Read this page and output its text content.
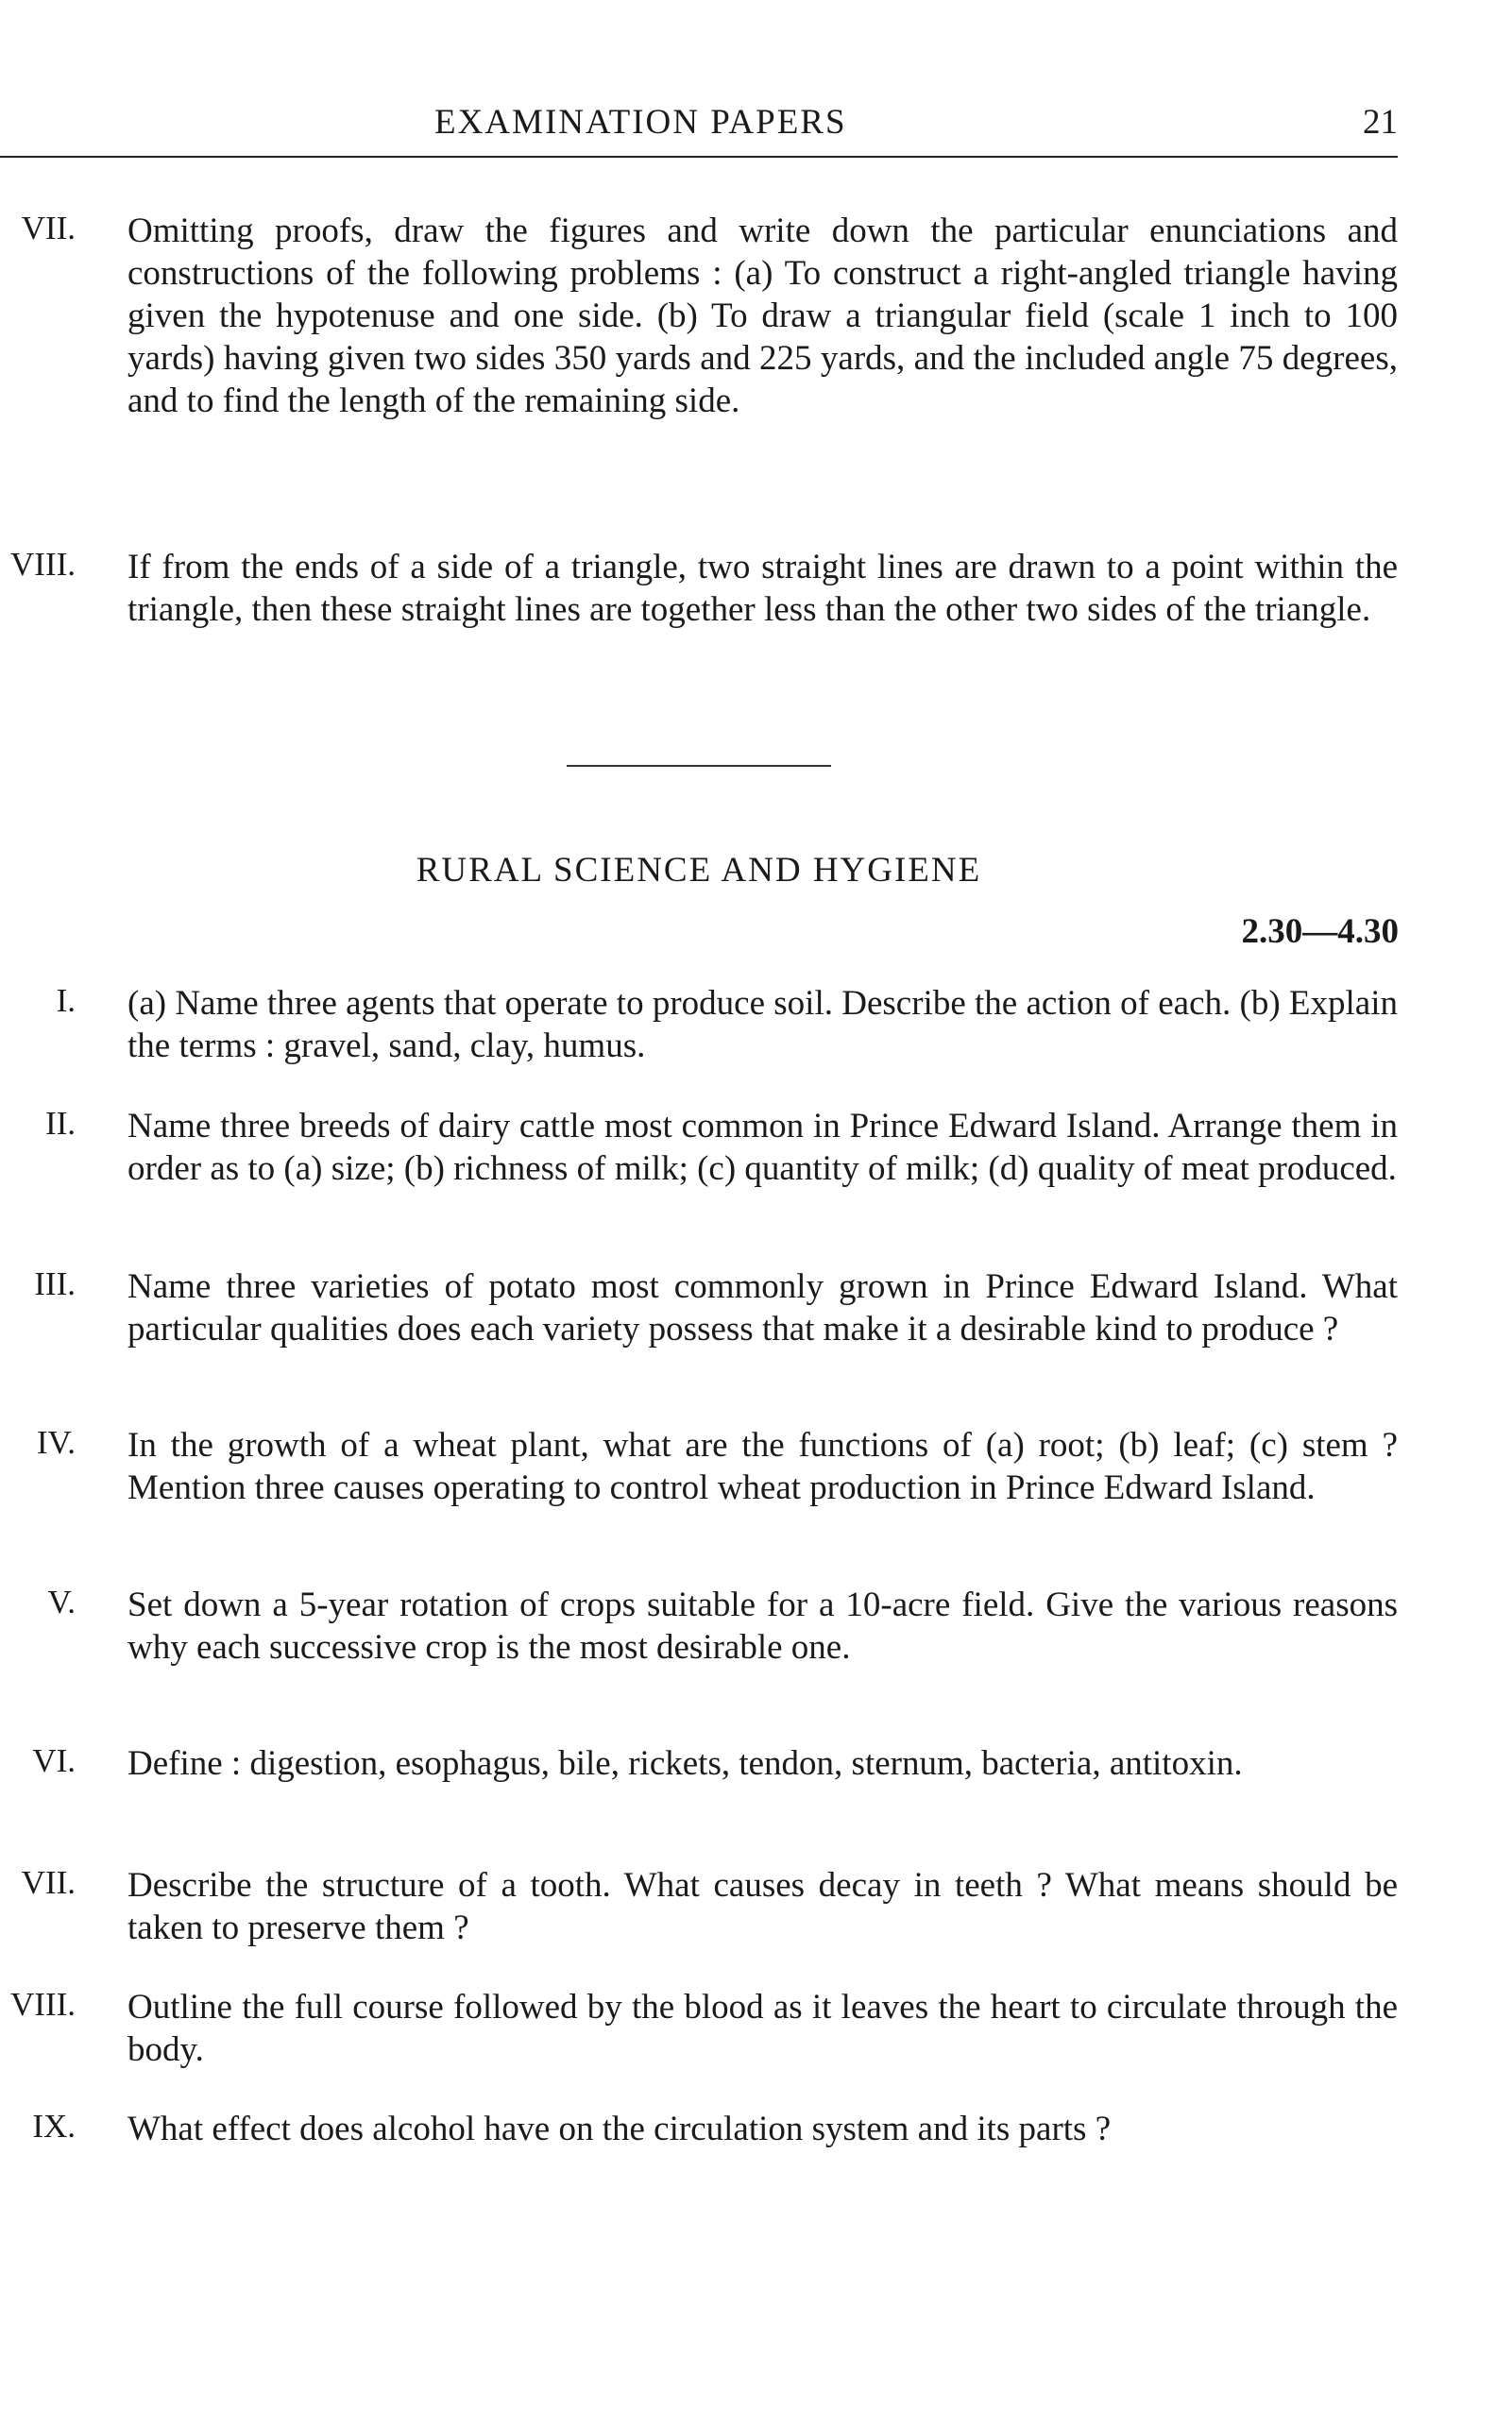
EXAMINATION PAPERS	21
VII. Omitting proofs, draw the figures and write down the particular enunciations and constructions of the following problems : (a) To construct a right-angled triangle having given the hypotenuse and one side. (b) To draw a triangular field (scale 1 inch to 100 yards) having given two sides 350 yards and 225 yards, and the included angle 75 degrees, and to find the length of the remaining side.
VIII. If from the ends of a side of a triangle, two straight lines are drawn to a point within the triangle, then these straight lines are together less than the other two sides of the triangle.
RURAL SCIENCE AND HYGIENE
2.30—4.30
I. (a) Name three agents that operate to produce soil. Describe the action of each. (b) Explain the terms : gravel, sand, clay, humus.
II. Name three breeds of dairy cattle most common in Prince Edward Island. Arrange them in order as to (a) size; (b) richness of milk; (c) quantity of milk; (d) quality of meat produced.
III. Name three varieties of potato most commonly grown in Prince Edward Island. What particular qualities does each variety possess that make it a desirable kind to produce ?
IV. In the growth of a wheat plant, what are the functions of (a) root; (b) leaf; (c) stem ? Mention three causes operating to control wheat production in Prince Edward Island.
V. Set down a 5-year rotation of crops suitable for a 10-acre field. Give the various reasons why each successive crop is the most desirable one.
VI. Define : digestion, esophagus, bile, rickets, tendon, sternum, bacteria, antitoxin.
VII. Describe the structure of a tooth. What causes decay in teeth ? What means should be taken to preserve them ?
VIII. Outline the full course followed by the blood as it leaves the heart to circulate through the body.
IX. What effect does alcohol have on the circulation system and its parts ?
